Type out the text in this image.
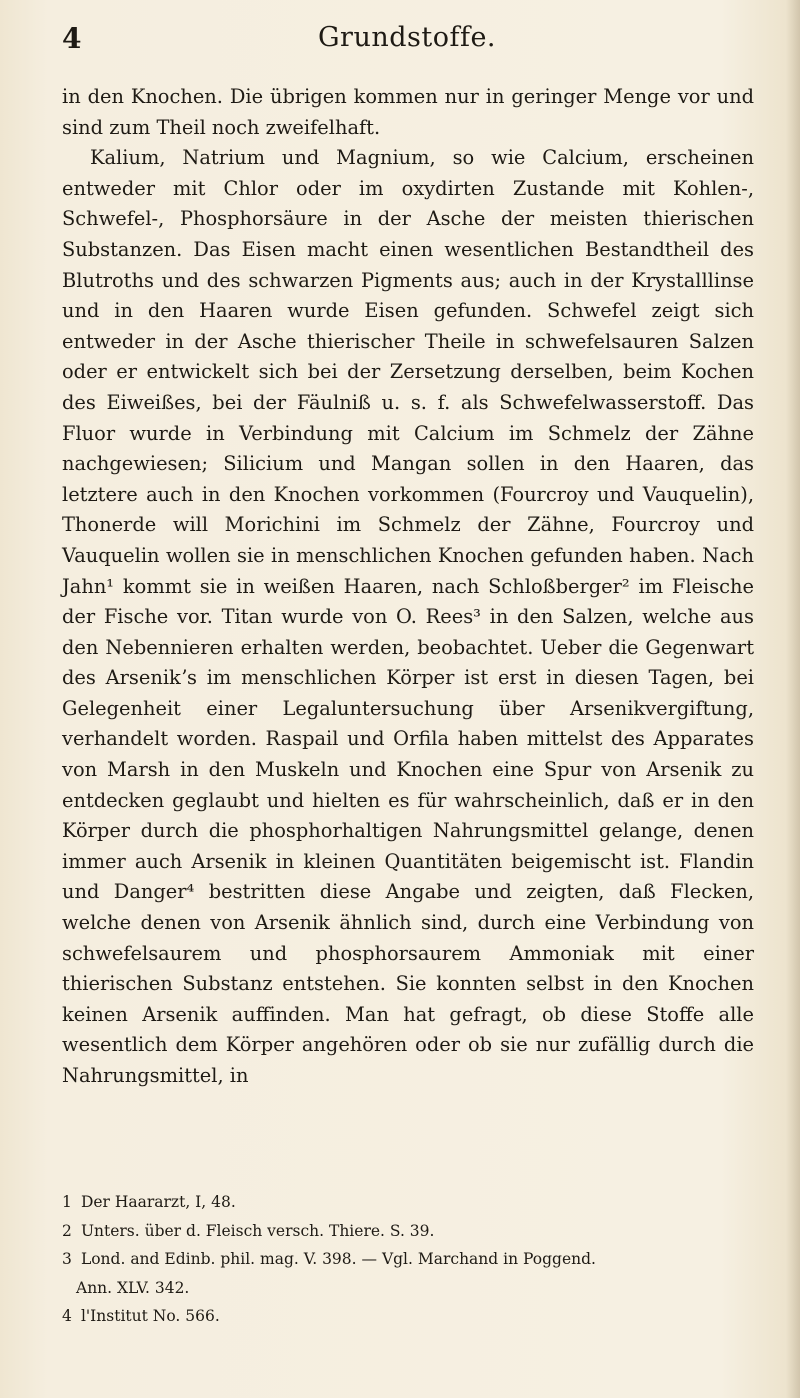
4	Grundstoffe.

in den Knochen. Die übrigen kommen nur in geringer Menge vor und sind zum Theil noch zweifelhaft.

Kalium, Natrium und Magnium, so wie Calcium, erscheinen entweder mit Chlor oder im oxydirten Zustande mit Kohlen-, Schwefel-, Phosphorsäure in der Asche der meisten thierischen Substanzen. Das Eisen macht einen wesentlichen Bestandtheil des Blutroths und des schwarzen Pigments aus; auch in der Krystalllinse und in den Haaren wurde Eisen gefunden. Schwefel zeigt sich entweder in der Asche thierischer Theile in schwefelsauren Salzen oder er entwickelt sich bei der Zersetzung derselben, beim Kochen des Eiweißes, bei der Fäulniß u. s. f. als Schwefelwasserstoff. Das Fluor wurde in Verbindung mit Calcium im Schmelz der Zähne nachgewiesen; Silicium und Mangan sollen in den Haaren, das letztere auch in den Knochen vorkommen (Fourcroy und Vauquelin), Thonerde will Morichini im Schmelz der Zähne, Fourcroy und Vauquelin wollen sie in menschlichen Knochen gefunden haben. Nach Jahn¹ kommt sie in weißen Haaren, nach Schloßberger² im Fleische der Fische vor. Titan wurde von O. Rees³ in den Salzen, welche aus den Nebennieren erhalten werden, beobachtet. Ueber die Gegenwart des Arsenikʼs im menschlichen Körper ist erst in diesen Tagen, bei Gelegenheit einer Legaluntersuchung über Arsenikvergiftung, verhandelt worden. Raspail und Orfila haben mittelst des Apparates von Marsh in den Muskeln und Knochen eine Spur von Arsenik zu entdecken geglaubt und hielten es für wahrscheinlich, daß er in den Körper durch die phosphorhaltigen Nahrungsmittel gelange, denen immer auch Arsenik in kleinen Quantitäten beigemischt ist. Flandin und Danger⁴ bestritten diese Angabe und zeigten, daß Flecken, welche denen von Arsenik ähnlich sind, durch eine Verbindung von schwefelsaurem und phosphorsaurem Ammoniak mit einer thierischen Substanz entstehen. Sie konnten selbst in den Knochen keinen Arsenik auffinden. Man hat gefragt, ob diese Stoffe alle wesentlich dem Körper angehören oder ob sie nur zufällig durch die Nahrungsmittel, in

1 Der Haararzt, I, 48.

2 Unters. über d. Fleisch versch. Thiere. S. 39.

3 Lond. and Edinb. phil. mag. V. 398. — Vgl. Marchand in Poggend.

Ann. XLV. 342.

4 l'Institut No. 566.
